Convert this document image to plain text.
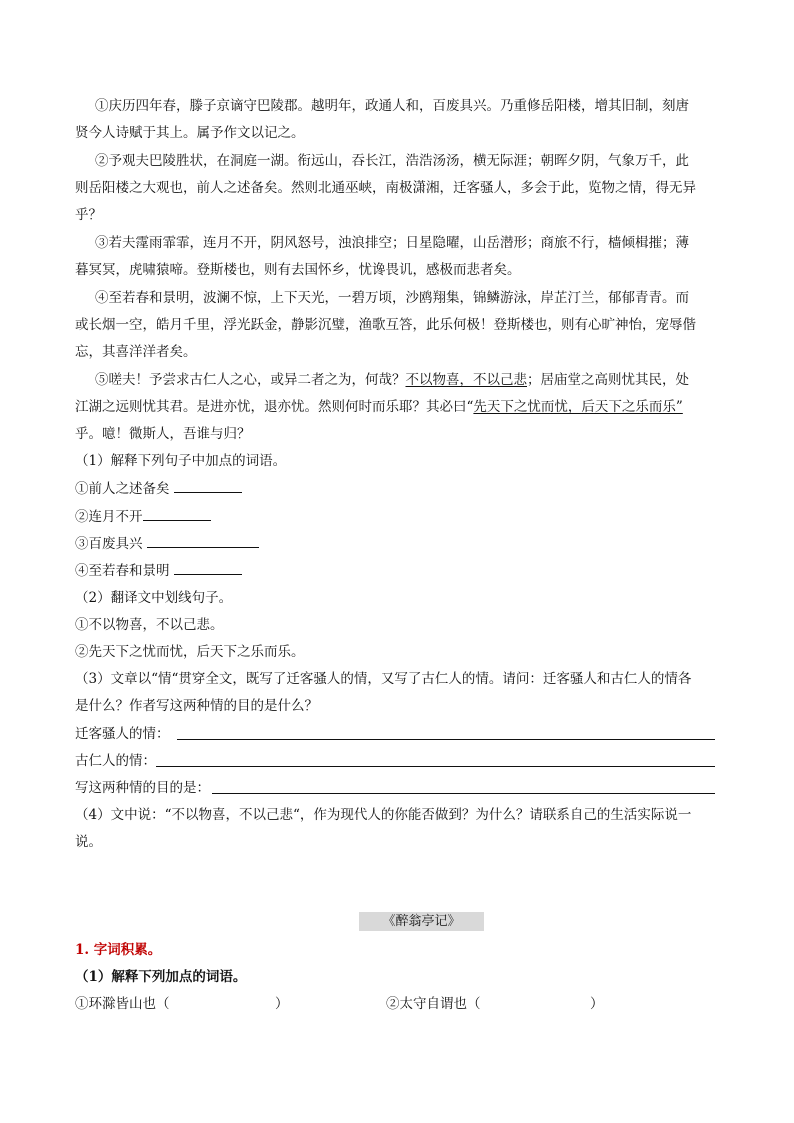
①庆历四年春，滕子京谪守巴陵郡。越明年，政通人和，百废具兴。乃重修岳阳楼，增其旧制，刻唐
贤今人诗赋于其上。属予作文以记之。
②予观夫巴陵胜状，在洞庭一湖。衔远山，吞长江，浩浩汤汤，横无际涯；朝晖夕阴，气象万千，此
则岳阳楼之大观也，前人之述备矣。然则北通巫峡，南极潇湘，迁客骚人，多会于此，览物之情，得无异
乎？
③若夫霪雨霏霏，连月不开，阴风怒号，浊浪排空；日星隐曜，山岳潜形；商旅不行，樯倾楫摧；薄
暮冥冥，虎啸猿啼。登斯楼也，则有去国怀乡，忧谗畏讥，感极而悲者矣。
④至若春和景明，波澜不惊，上下天光，一碧万顷，沙鸥翔集，锦鳞游泳，岸芷汀兰，郁郁青青。而
或长烟一空，皓月千里，浮光跃金，静影沉璧，渔歌互答，此乐何极！登斯楼也，则有心旷神怡，宠辱偕
忘，其喜洋洋者矣。
⑤嗟夫！予尝求古仁人之心，或异二者之为，何哉？不以物喜，不以己悲；居庙堂之高则忧其民，处
江湖之远则忧其君。是进亦忧，退亦忧。然则何时而乐耶？其必曰“先天下之忧而忧，后天下之乐而乐”
乎。噫！微斯人，吾谁与归？
（1）解释下列句子中加点的词语。
①前人之述备矣
②连月不开
③百废具兴
④至若春和景明
（2）翻译文中划线句子。
①不以物喜，不以己悲。
②先天下之忧而忧，后天下之乐而乐。
（3）文章以“情“贯穿全文，既写了迁客骚人的情，又写了古仁人的情。请问：迁客骚人和古仁人的情各
是什么？作者写这两种情的目的是什么？
迁客骚人的情：
古仁人的情：
写这两种情的目的是：
（4）文中说：“不以物喜，不以己悲“，作为现代人的你能否做到？为什么？请联系自己的生活实际说一
说。
《醉翁亭记》
1. 字词积累。
（1）解释下列加点的词语。
①环滁皆山也（	）	②太守自谓也（	）
